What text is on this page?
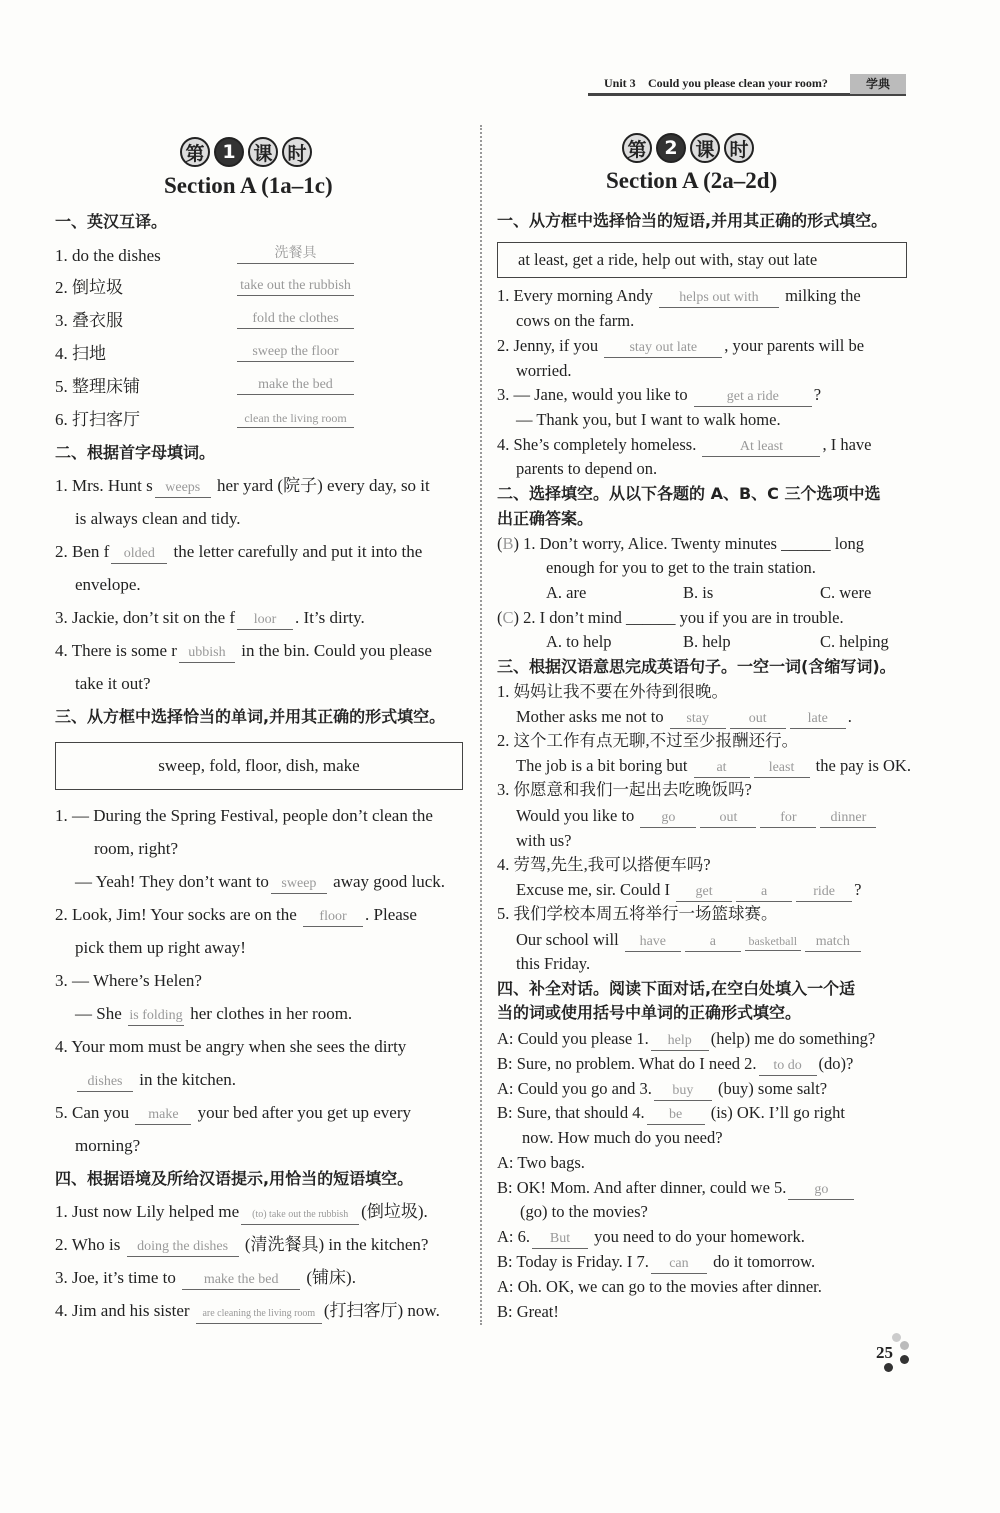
Unit 3 Could you please clean your room?	学典
第 1 课 时
Section A (1a–1c)
一、英汉互译。
1. do the dishes	洗餐具
2. 倒垃圾	take out the rubbish
3. 叠衣服	fold the clothes
4. 扫地	sweep the floor
5. 整理床铺	make the bed
6. 打扫客厅	clean the living room
二、根据首字母填词。
1. Mrs. Hunt s weeps her yard (院子) every day, so it
is always clean and tidy.
2. Ben f olded the letter carefully and put it into the
envelope.
3. Jackie, don’t sit on the f loor . It’s dirty.
4. There is some r ubbish in the bin. Could you please
take it out?
三、从方框中选择恰当的单词,并用其正确的形式填空。
sweep, fold, floor, dish, make
1. — During the Spring Festival, people don’t clean the
room, right?
— Yeah! They don’t want to sweep away good luck.
2. Look, Jim! Your socks are on the floor . Please
pick them up right away!
3. — Where’s Helen?
— She is folding her clothes in her room.
4. Your mom must be angry when she sees the dirty
dishes in the kitchen.
5. Can you make your bed after you get up every
morning?
四、根据语境及所给汉语提示,用恰当的短语填空。
1. Just now Lily helped me (to) take out the rubbish (倒垃圾).
2. Who is doing the dishes (清洗餐具) in the kitchen?
3. Joe, it’s time to make the bed (铺床).
4. Jim and his sister are cleaning the living room (打扫客厅) now.
第 2 课 时
Section A (2a–2d)
一、从方框中选择恰当的短语,并用其正确的形式填空。
at least, get a ride, help out with, stay out late
1. Every morning Andy helps out with milking the
cows on the farm.
2. Jenny, if you stay out late , your parents will be
worried.
3. — Jane, would you like to	get a ride ?
— Thank you, but I want to walk home.
4. She’s completely homeless.	At least , I have
parents to depend on.
二、选择填空。从以下各题的 A、B、C 三个选项中选
出正确答案。
(B) 1. Don’t worry, Alice. Twenty minutes ______ long
enough for you to get to the train station.
A. are	B. is	C. were
(C) 2. I don’t mind ______ you if you are in trouble.
A. to help	B. help	C. helping
三、根据汉语意思完成英语句子。一空一词(含缩写词)。
1. 妈妈让我不要在外待到很晚。
Mother asks me not to stay	out	late .
2. 这个工作有点无聊,不过至少报酬还行。
The job is a bit boring but at	least the pay is OK.
3. 你愿意和我们一起出去吃晚饭吗?
Would you like to go	out	for dinner
with us?
4. 劳驾,先生,我可以搭便车吗?
Excuse me, sir. Could I get	a	ride ?
5. 我们学校本周五将举行一场篮球赛。
Our school will have	a	basketball match
this Friday.
四、补全对话。阅读下面对话,在空白处填入一个适
当的词或使用括号中单词的正确形式填空。
A: Could you please 1. help (help) me do something?
B: Sure, no problem. What do I need 2. to do (do)?
A: Could you go and 3. buy (buy) some salt?
B: Sure, that should 4. be (is) OK. I’ll go right
now. How much do you need?
A: Two bags.
B: OK! Mom. And after dinner, could we 5. go
(go) to the movies?
A: 6. But you need to do your homework.
B: Today is Friday. I 7. can do it tomorrow.
A: Oh. OK, we can go to the movies after dinner.
B: Great!
25
